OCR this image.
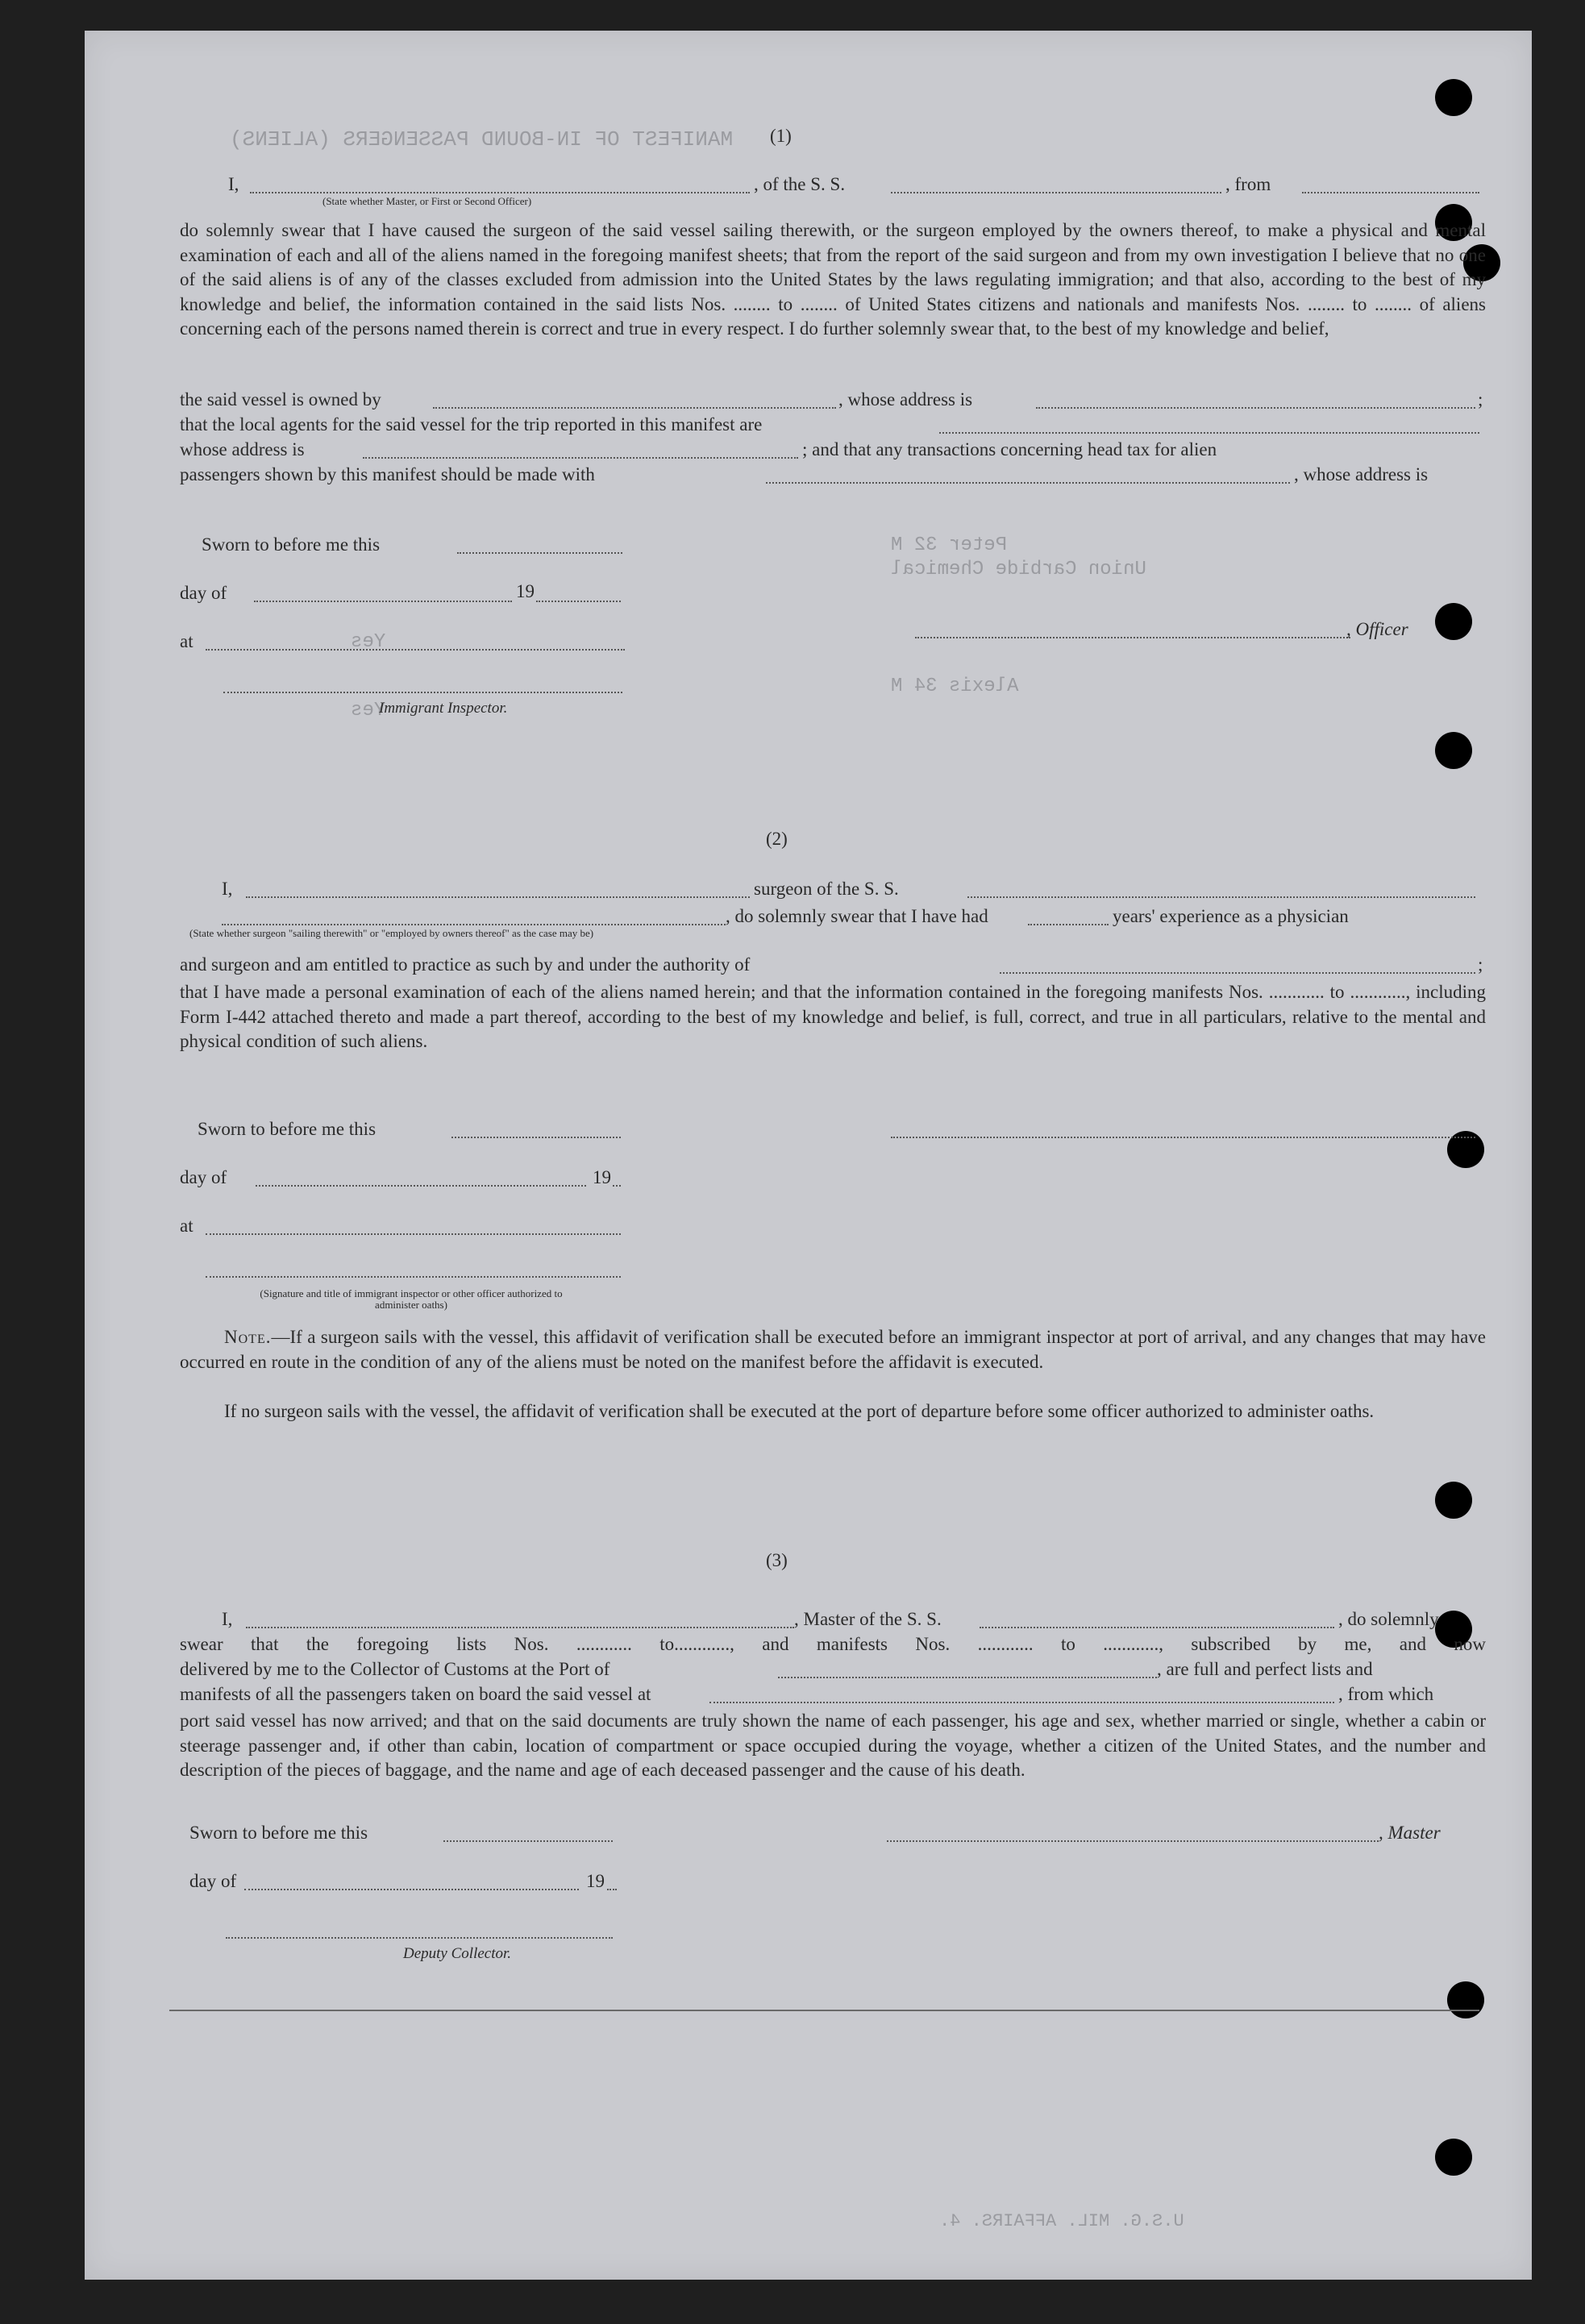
MANIFEST OF IN-BOUND PASSENGERS (ALIENS)
Peter 32 M
Union Carbide Chemical
Alexis 34 M
Yes
Yes
(1)
I,
(State whether Master, or First or Second Officer)
, of the S. S.	, from
do solemnly swear that I have caused the surgeon of the said vessel sailing therewith, or the surgeon employed by the owners thereof, to make a physical and mental examination of each and all of the aliens named in the foregoing manifest sheets; that from the report of the said surgeon and from my own investigation I believe that no one of the said aliens is of any of the classes excluded from admission into the United States by the laws regulating immigration; and that also, according to the best of my knowledge and belief, the information contained in the said lists Nos. ........ to ........ of United States citizens and nationals and manifests Nos. ........ to ........ of aliens concerning each of the persons named therein is correct and true in every respect. I do further solemnly swear that, to the best of my knowledge and belief,
the said vessel is owned by	, whose address is	;
that the local agents for the said vessel for the trip reported in this manifest are
whose address is	; and that any transactions concerning head tax for alien
passengers shown by this manifest should be made with	, whose address is
Sworn to before me this
day of	19
at
Immigrant Inspector.
, Officer
(2)
I,	surgeon of the S. S.
(State whether surgeon "sailing therewith" or "employed by owners thereof" as the case may be)
, do solemnly swear that I have had	years' experience as a physician
and surgeon and am entitled to practice as such by and under the authority of	;
that I have made a personal examination of each of the aliens named herein; and that the information contained in the foregoing manifests Nos. ............ to ............, including Form I-442 attached thereto and made a part thereof, according to the best of my knowledge and belief, is full, correct, and true in all particulars, relative to the mental and physical condition of such aliens.
Sworn to before me this
day of	19
at
(Signature and title of immigrant inspector or other officer authorized to administer oaths)
Note.—If a surgeon sails with the vessel, this affidavit of verification shall be executed before an immigrant inspector at port of arrival, and any changes that may have occurred en route in the condition of any of the aliens must be noted on the manifest before the affidavit is executed.
If no surgeon sails with the vessel, the affidavit of verification shall be executed at the port of departure before some officer authorized to administer oaths.
(3)
I,	, Master of the S. S.	, do solemnly
swear that the foregoing lists Nos. ............ to............, and manifests Nos. ............ to ............, subscribed by me, and now
delivered by me to the Collector of Customs at the Port of	, are full and perfect lists and
manifests of all the passengers taken on board the said vessel at	, from which
port said vessel has now arrived; and that on the said documents are truly shown the name of each passenger, his age and sex, whether married or single, whether a cabin or steerage passenger and, if other than cabin, location of compartment or space occupied during the voyage, whether a citizen of the United States, and the number and description of the pieces of baggage, and the name and age of each deceased passenger and the cause of his death.
Sworn to before me this	, Master
day of	19
Deputy Collector.
U.S.G. MIL. AFFAIRS. 4.
